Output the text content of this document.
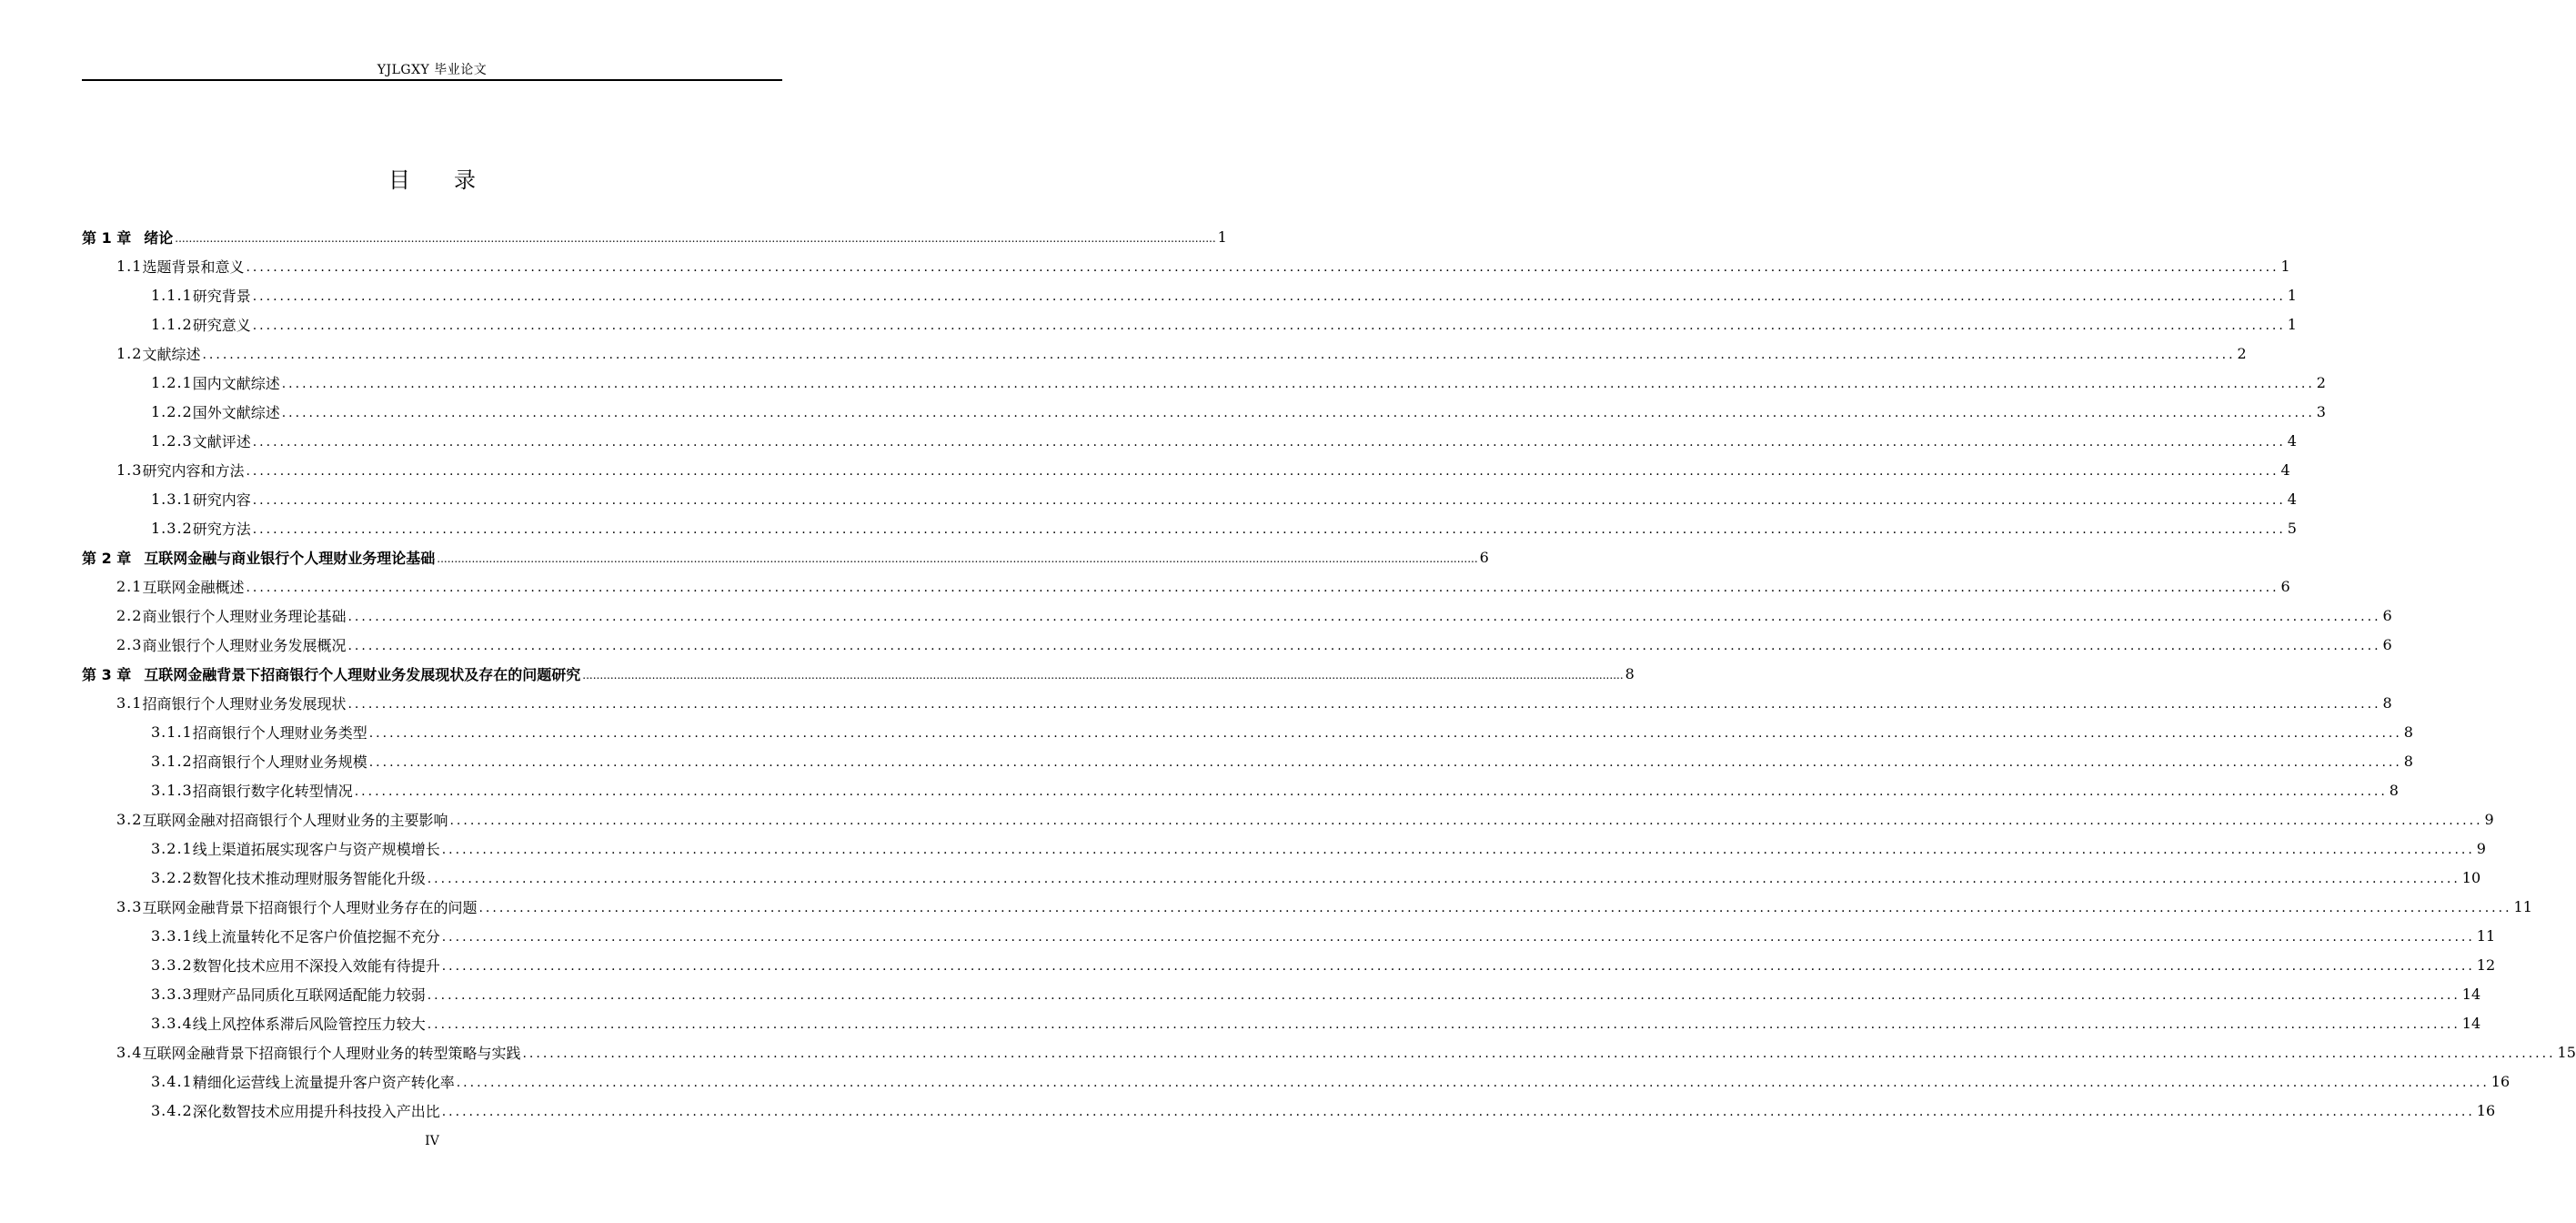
YJLGXY 毕业论文
目录
第 1 章 绪论 ............................................................................................................................................................................................................................................................................................................ 1
1.1 选题背景和意义 ............................................................................................................................................................................................................................................................................................................ 1
1.1.1 研究背景 ............................................................................................................................................................................................................................................................................................................ 1
1.1.2 研究意义 ............................................................................................................................................................................................................................................................................................................ 1
1.2 文献综述 ............................................................................................................................................................................................................................................................................................................ 2
1.2.1 国内文献综述 ............................................................................................................................................................................................................................................................................................................ 2
1.2.2 国外文献综述 ............................................................................................................................................................................................................................................................................................................ 3
1.2.3 文献评述 ............................................................................................................................................................................................................................................................................................................ 4
1.3 研究内容和方法 ............................................................................................................................................................................................................................................................................................................ 4
1.3.1 研究内容 ............................................................................................................................................................................................................................................................................................................ 4
1.3.2 研究方法 ............................................................................................................................................................................................................................................................................................................ 5
第 2 章 互联网金融与商业银行个人理财业务理论基础 ............................................................................................................................................................................................................................................................................................................ 6
2.1 互联网金融概述 ............................................................................................................................................................................................................................................................................................................ 6
2.2 商业银行个人理财业务理论基础 ............................................................................................................................................................................................................................................................................................................ 6
2.3 商业银行个人理财业务发展概况 ............................................................................................................................................................................................................................................................................................................ 6
第 3 章 互联网金融背景下招商银行个人理财业务发展现状及存在的问题研究 ............................................................................................................................................................................................................................................................................................................ 8
3.1 招商银行个人理财业务发展现状 ............................................................................................................................................................................................................................................................................................................ 8
3.1.1 招商银行个人理财业务类型 ............................................................................................................................................................................................................................................................................................................ 8
3.1.2 招商银行个人理财业务规模 ............................................................................................................................................................................................................................................................................................................ 8
3.1.3 招商银行数字化转型情况 ............................................................................................................................................................................................................................................................................................................ 8
3.2 互联网金融对招商银行个人理财业务的主要影响 ............................................................................................................................................................................................................................................................................................................ 9
3.2.1 线上渠道拓展实现客户与资产规模增长 ............................................................................................................................................................................................................................................................................................................ 9
3.2.2 数智化技术推动理财服务智能化升级 ............................................................................................................................................................................................................................................................................................................ 10
3.3 互联网金融背景下招商银行个人理财业务存在的问题 ............................................................................................................................................................................................................................................................................................................ 11
3.3.1 线上流量转化不足客户价值挖掘不充分 ............................................................................................................................................................................................................................................................................................................ 11
3.3.2 数智化技术应用不深投入效能有待提升 ............................................................................................................................................................................................................................................................................................................ 12
3.3.3 理财产品同质化互联网适配能力较弱 ............................................................................................................................................................................................................................................................................................................ 14
3.3.4 线上风控体系滞后风险管控压力较大 ............................................................................................................................................................................................................................................................................................................ 14
3.4 互联网金融背景下招商银行个人理财业务的转型策略与实践 ............................................................................................................................................................................................................................................................................................................ 15
3.4.1 精细化运营线上流量提升客户资产转化率 ............................................................................................................................................................................................................................................................................................................ 16
3.4.2 深化数智技术应用提升科技投入产出比 ............................................................................................................................................................................................................................................................................................................ 16
IV
